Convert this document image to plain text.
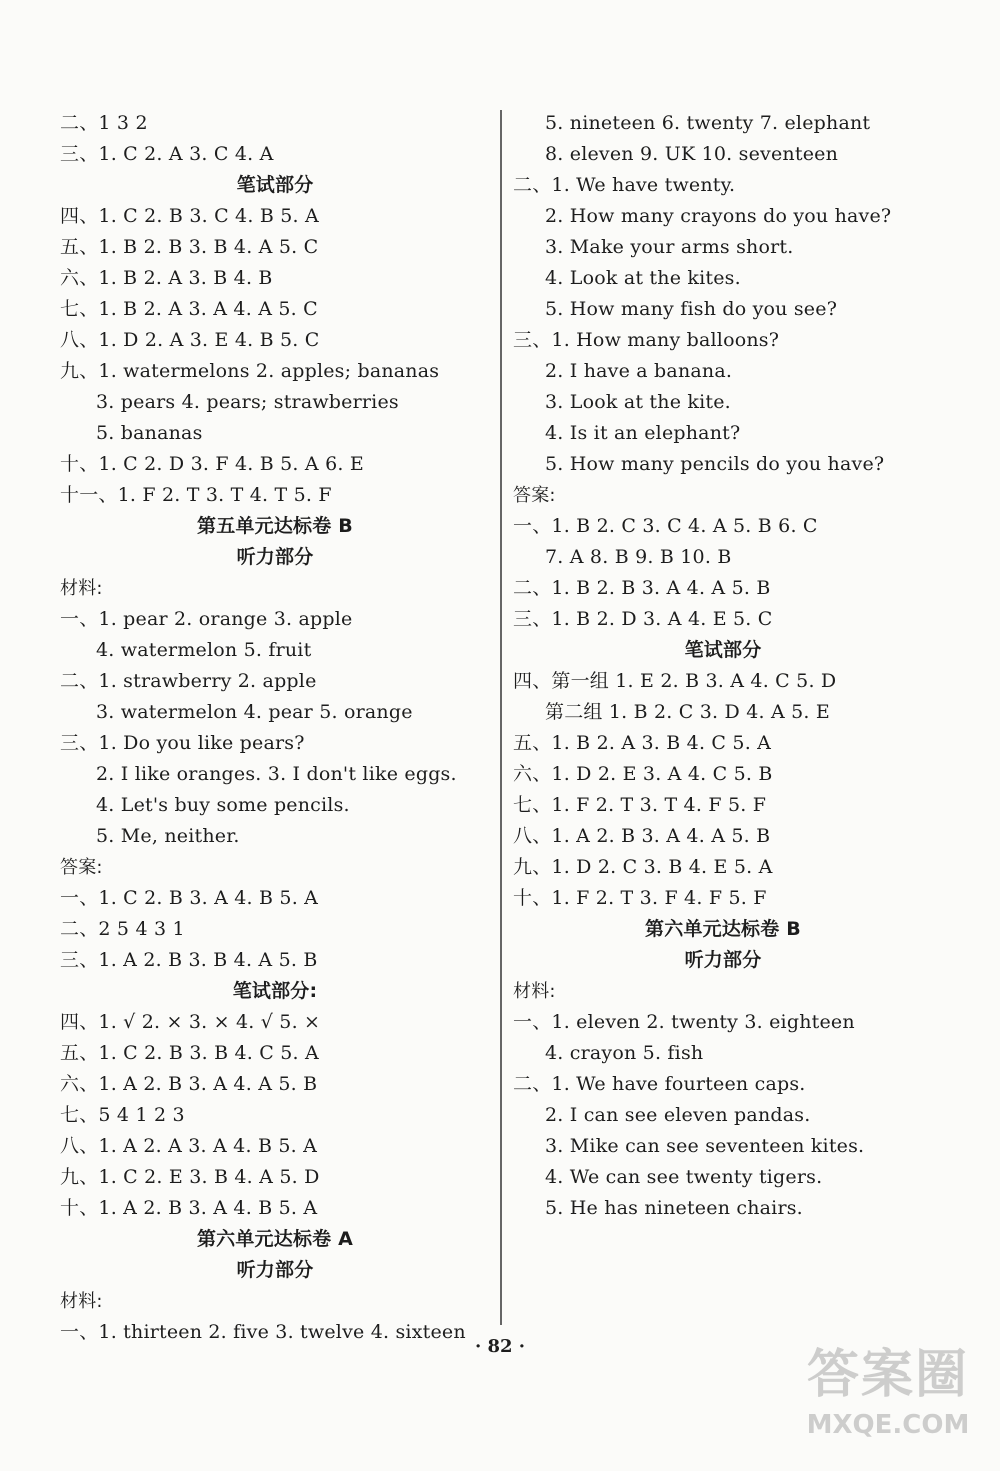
二、1 3 2
三、1. C 2. A 3. C 4. A
笔试部分
四、1. C 2. B 3. C 4. B 5. A
五、1. B 2. B 3. B 4. A 5. C
六、1. B 2. A 3. B 4. B
七、1. B 2. A 3. A 4. A 5. C
八、1. D 2. A 3. E 4. B 5. C
九、1. watermelons 2. apples; bananas
3. pears 4. pears; strawberries
5. bananas
十、1. C 2. D 3. F 4. B 5. A 6. E
十一、1. F 2. T 3. T 4. T 5. F
第五单元达标卷 B
听力部分
材料:
一、1. pear 2. orange 3. apple
4. watermelon 5. fruit
二、1. strawberry 2. apple
3. watermelon 4. pear 5. orange
三、1. Do you like pears?
2. I like oranges. 3. I don't like eggs.
4. Let's buy some pencils.
5. Me, neither.
答案:
一、1. C 2. B 3. A 4. B 5. A
二、2 5 4 3 1
三、1. A 2. B 3. B 4. A 5. B
笔试部分:
四、1. √ 2. × 3. × 4. √ 5. ×
五、1. C 2. B 3. B 4. C 5. A
六、1. A 2. B 3. A 4. A 5. B
七、5 4 1 2 3
八、1. A 2. A 3. A 4. B 5. A
九、1. C 2. E 3. B 4. A 5. D
十、1. A 2. B 3. A 4. B 5. A
第六单元达标卷 A
听力部分
材料:
一、1. thirteen 2. five 3. twelve 4. sixteen
5. nineteen 6. twenty 7. elephant
8. eleven 9. UK 10. seventeen
二、1. We have twenty.
2. How many crayons do you have?
3. Make your arms short.
4. Look at the kites.
5. How many fish do you see?
三、1. How many balloons?
2. I have a banana.
3. Look at the kite.
4. Is it an elephant?
5. How many pencils do you have?
答案:
一、1. B 2. C 3. C 4. A 5. B 6. C
7. A 8. B 9. B 10. B
二、1. B 2. B 3. A 4. A 5. B
三、1. B 2. D 3. A 4. E 5. C
笔试部分
四、第一组 1. E 2. B 3. A 4. C 5. D
第二组 1. B 2. C 3. D 4. A 5. E
五、1. B 2. A 3. B 4. C 5. A
六、1. D 2. E 3. A 4. C 5. B
七、1. F 2. T 3. T 4. F 5. F
八、1. A 2. B 3. A 4. A 5. B
九、1. D 2. C 3. B 4. E 5. A
十、1. F 2. T 3. F 4. F 5. F
第六单元达标卷 B
听力部分
材料:
一、1. eleven 2. twenty 3. eighteen
4. crayon 5. fish
二、1. We have fourteen caps.
2. I can see eleven pandas.
3. Mike can see seventeen kites.
4. We can see twenty tigers.
5. He has nineteen chairs.
· 82 ·	答案圈
MXQE.COM
